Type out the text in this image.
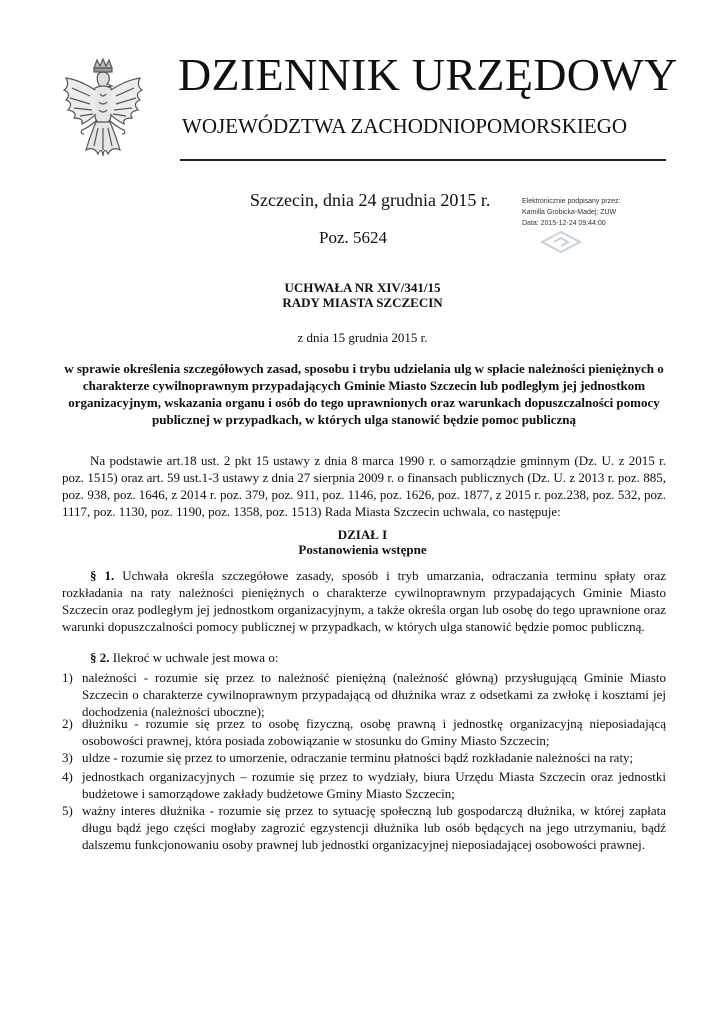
DZIENNIK URZĘDOWY
WOJEWÓDZTWA ZACHODNIOPOMORSKIEGO
Szczecin, dnia 24 grudnia 2015 r.
Poz. 5624
Elektronicznie podpisany przez:
Kamilla Grobicka-Madej; ZUW
Data: 2015-12-24 09:44:00
UCHWAŁA NR XIV/341/15
RADY MIASTA SZCZECIN
z dnia 15 grudnia 2015 r.
w sprawie określenia szczegółowych zasad, sposobu i trybu udzielania ulg w spłacie należności pieniężnych o charakterze cywilnoprawnym przypadających Gminie Miasto Szczecin lub podległym jej jednostkom organizacyjnym, wskazania organu i osób do tego uprawnionych oraz warunkach dopuszczalności pomocy publicznej w przypadkach, w których ulga stanowić będzie pomoc publiczną
Na podstawie art.18 ust. 2 pkt 15 ustawy z dnia 8 marca 1990 r. o samorządzie gminnym (Dz. U. z 2015 r. poz. 1515) oraz art. 59 ust.1-3 ustawy z dnia 27 sierpnia 2009 r. o finansach publicznych (Dz. U. z 2013 r. poz. 885, poz. 938, poz. 1646, z 2014 r. poz. 379, poz. 911, poz. 1146, poz. 1626, poz. 1877, z 2015 r. poz.238, poz. 532, poz. 1117, poz. 1130, poz. 1190, poz. 1358, poz. 1513) Rada Miasta Szczecin uchwala, co następuje:
DZIAŁ I
Postanowienia wstępne
§ 1. Uchwała określa szczegółowe zasady, sposób i tryb umarzania, odraczania terminu spłaty oraz rozkładania na raty należności pieniężnych o charakterze cywilnoprawnym przypadających Gminie Miasto Szczecin oraz podległym jej jednostkom organizacyjnym, a także określa organ lub osobę do tego uprawnione oraz warunki dopuszczalności pomocy publicznej w przypadkach, w których ulga stanowić będzie pomoc publiczną.
§ 2. Ilekroć w uchwale jest mowa o:
1) należności - rozumie się przez to należność pieniężną (należność główną) przysługującą Gminie Miasto Szczecin o charakterze cywilnoprawnym przypadającą od dłużnika wraz z odsetkami za zwłokę i kosztami jej dochodzenia (należności uboczne);
2) dłużniku - rozumie się przez to osobę fizyczną, osobę prawną i jednostkę organizacyjną nieposiadającą osobowości prawnej, która posiada zobowiązanie w stosunku do Gminy Miasto Szczecin;
3) uldze - rozumie się przez to umorzenie, odraczanie terminu płatności bądź rozkładanie należności na raty;
4) jednostkach organizacyjnych – rozumie się przez to wydziały, biura Urzędu Miasta Szczecin oraz jednostki budżetowe i samorządowe zakłady budżetowe Gminy Miasto Szczecin;
5) ważny interes dłużnika - rozumie się przez to sytuację społeczną lub gospodarczą dłużnika, w której zapłata długu bądź jego części mogłaby zagrozić egzystencji dłużnika lub osób będących na jego utrzymaniu, bądź dalszemu funkcjonowaniu osoby prawnej lub jednostki organizacyjnej nieposiadającej osobowości prawnej.
